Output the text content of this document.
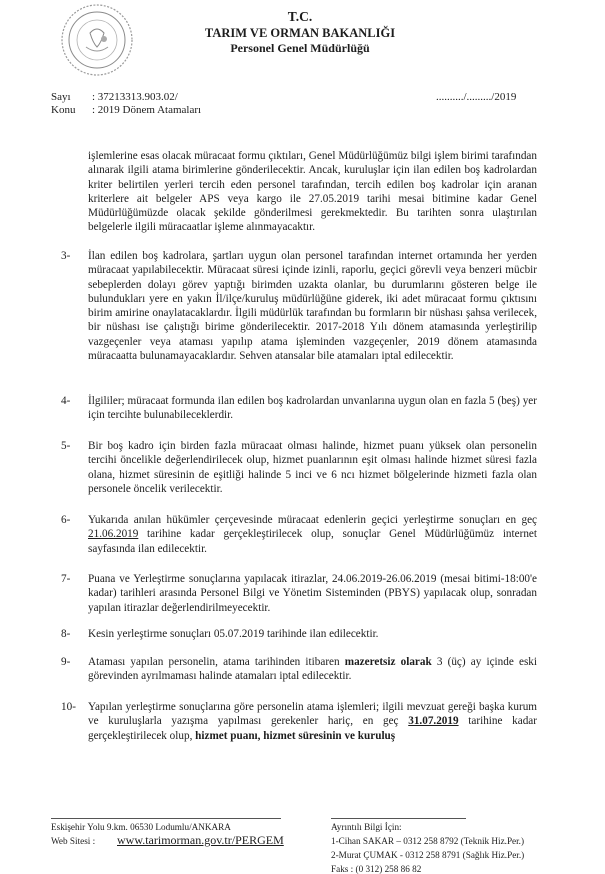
T.C.
TARIM VE ORMAN BAKANLIĞI
Personel Genel Müdürlüğü
Sayı : 37213313.903.02/
Konu : 2019 Dönem Atamaları
........../........./2019
işlemlerine esas olacak müracaat formu çıktıları, Genel Müdürlüğümüz bilgi işlem birimi tarafından alınarak ilgili atama birimlerine gönderilecektir. Ancak, kuruluşlar için ilan edilen boş kadrolardan kriter belirtilen yerleri tercih eden personel tarafından, tercih edilen boş kadrolar için aranan kriterlere ait belgeler APS veya kargo ile 27.05.2019 tarihi mesai bitimine kadar Genel Müdürlüğümüzde olacak şekilde gönderilmesi gerekmektedir. Bu tarihten sonra ulaştırılan belgelerle ilgili müracaatlar işleme alınmayacaktır.
3- İlan edilen boş kadrolara, şartları uygun olan personel tarafından internet ortamında her yerden müracaat yapılabilecektir. Müracaat süresi içinde izinli, raporlu, geçici görevli veya benzeri mücbir sebeplerden dolayı görev yaptığı birimden uzakta olanlar, bu durumlarını gösteren belge ile bulundukları yere en yakın İl/ilçe/kuruluş müdürlüğüne giderek, iki adet müracaat formu çıktısını birim amirine onaylatacaklardır. İlgili müdürlük tarafından bu formların bir nüshası şahsa verilecek, bir nüshası ise çalıştığı birime gönderilecektir. 2017-2018 Yılı dönem atamasında yerleştirilip vazgeçenler veya ataması yapılıp atama işleminden vazgeçenler, 2019 dönem atamasında müracaatta bulunamayacaklardır. Sehven atansalar bile atamaları iptal edilecektir.
4- İlgililer; müracaat formunda ilan edilen boş kadrolardan unvanlarına uygun olan en fazla 5 (beş) yer için tercihte bulunabileceklerdir.
5- Bir boş kadro için birden fazla müracaat olması halinde, hizmet puanı yüksek olan personelin tercihi öncelikle değerlendirilecek olup, hizmet puanlarının eşit olması halinde hizmet süresi fazla olana, hizmet süresinin de eşitliği halinde 5 inci ve 6 ncı hizmet bölgelerinde hizmeti fazla olan personele öncelik verilecektir.
6- Yukarıda anılan hükümler çerçevesinde müracaat edenlerin geçici yerleştirme sonuçları en geç 21.06.2019 tarihine kadar gerçekleştirilecek olup, sonuçlar Genel Müdürlüğümüz internet sayfasında ilan edilecektir.
7- Puana ve Yerleştirme sonuçlarına yapılacak itirazlar, 24.06.2019-26.06.2019 (mesai bitimi-18:00'e kadar) tarihleri arasında Personel Bilgi ve Yönetim Sisteminden (PBYS) yapılacak olup, sonradan yapılan itirazlar değerlendirilmeyecektir.
8- Kesin yerleştirme sonuçları 05.07.2019 tarihinde ilan edilecektir.
9- Ataması yapılan personelin, atama tarihinden itibaren mazeretsiz olarak 3 (üç) ay içinde eski görevinden ayrılmaması halinde atamaları iptal edilecektir.
10- Yapılan yerleştirme sonuçlarına göre personelin atama işlemleri; ilgili mevzuat gereği başka kurum ve kuruluşlarla yazışma yapılması gerekenler hariç, en geç 31.07.2019 tarihine kadar gerçekleştirilecek olup, hizmet puanı, hizmet süresinin ve kuruluş
Eskişehir Yolu 9.km. 06530 Lodumlu/ANKARA
Web Sitesi : www.tarimorman.gov.tr/PERGEM
Ayrıntılı Bilgi İçin:
1-Cihan SAKAR – 0312 258 8792 (Teknik Hiz.Per.)
2-Murat ÇUMAK - 0312 258 8791 (Sağlık Hiz.Per.)
Faks : (0 312) 258 86 82
